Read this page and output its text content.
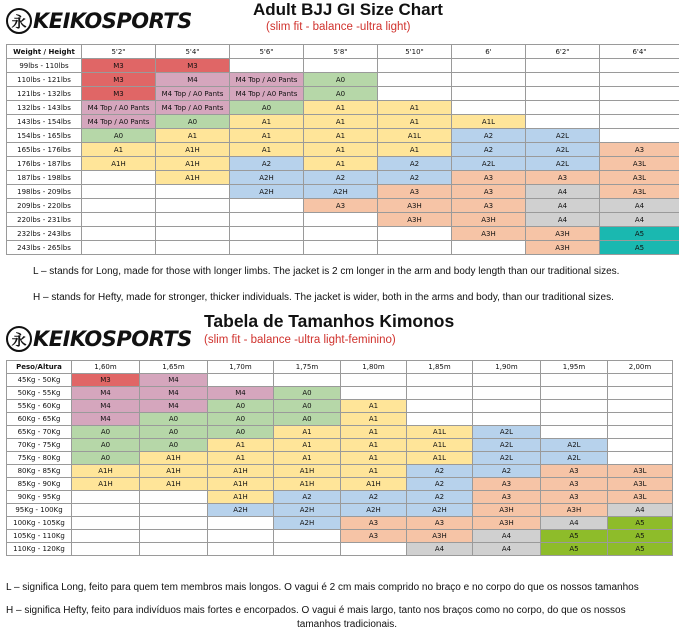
永 KEIKOSPORTS	Adult BJJ GI Size Chart
(slim fit - balance -ultra light)
Weight / Height	5'2"	5'4"	5'6"	5'8"	5'10"	6'	6'2"	6'4"
99lbs - 110lbs	M3	M3						
110lbs - 121lbs	M3	M4	M4 Top / A0 Pants	A0				
121lbs - 132lbs	M3	M4 Top / A0 Pants	M4 Top / A0 Pants	A0				
132lbs - 143lbs	M4 Top / A0 Pants	M4 Top / A0 Pants	A0	A1	A1			
143lbs - 154lbs	M4 Top / A0 Pants	A0	A1	A1	A1	A1L		
154lbs - 165lbs	A0	A1	A1	A1	A1L	A2	A2L	
165lbs - 176lbs	A1	A1H	A1	A1	A1	A2	A2L	A3
176lbs - 187lbs	A1H	A1H	A2	A1	A2	A2L	A2L	A3L
187lbs - 198lbs		A1H	A2H	A2	A2	A3	A3	A3L
198lbs - 209lbs			A2H	A2H	A3	A3	A4	A3L
209lbs - 220lbs				A3	A3H	A3	A4	A4
220lbs - 231lbs					A3H	A3H	A4	A4
232lbs - 243lbs						A3H	A3H	A5
243lbs - 265lbs							A3H	A5
L – stands for Long, made for those with longer limbs. The jacket is 2 cm longer in the arm and body length than our traditional sizes.
H – stands for Hefty, made for stronger, thicker individuals. The jacket is wider, both in the arms and body, than our traditional sizes.
永 KEIKOSPORTS
Tabela de Tamanhos Kimonos
(slim fit - balance -ultra light-feminino)
Peso/Altura	1,60m	1,65m	1,70m	1,75m	1,80m	1,85m	1,90m	1,95m	2,00m
45Kg - 50Kg	M3	M4							
50Kg - 55Kg	M4	M4	M4	A0					
55Kg - 60Kg	M4	M4	A0	A0	A1				
60Kg - 65Kg	M4	A0	A0	A0	A1				
65Kg - 70Kg	A0	A0	A0	A1	A1	A1L	A2L		
70Kg - 75Kg	A0	A0	A1	A1	A1	A1L	A2L	A2L	
75Kg - 80Kg	A0	A1H	A1	A1	A1	A1L	A2L	A2L	
80Kg - 85Kg	A1H	A1H	A1H	A1H	A1	A2	A2	A3	A3L
85Kg - 90Kg	A1H	A1H	A1H	A1H	A1H	A2	A3	A3	A3L
90Kg - 95Kg			A1H	A2	A2	A2	A3	A3	A3L
95Kg - 100Kg			A2H	A2H	A2H	A2H	A3H	A3H	A4
100Kg - 105Kg				A2H	A3	A3	A3H	A4	A5
105Kg - 110Kg					A3	A3H	A4	A5	A5
110Kg - 120Kg						A4	A4	A5	A5
L – significa Long, feito para quem tem membros mais longos. O vagui é 2 cm mais comprido no braço e no corpo do que os nossos tamanhos
H – significa Hefty, feito para indivíduos mais fortes e encorpados. O vagui é mais largo, tanto nos braços como no corpo, do que os nossos
tamanhos tradicionais.
